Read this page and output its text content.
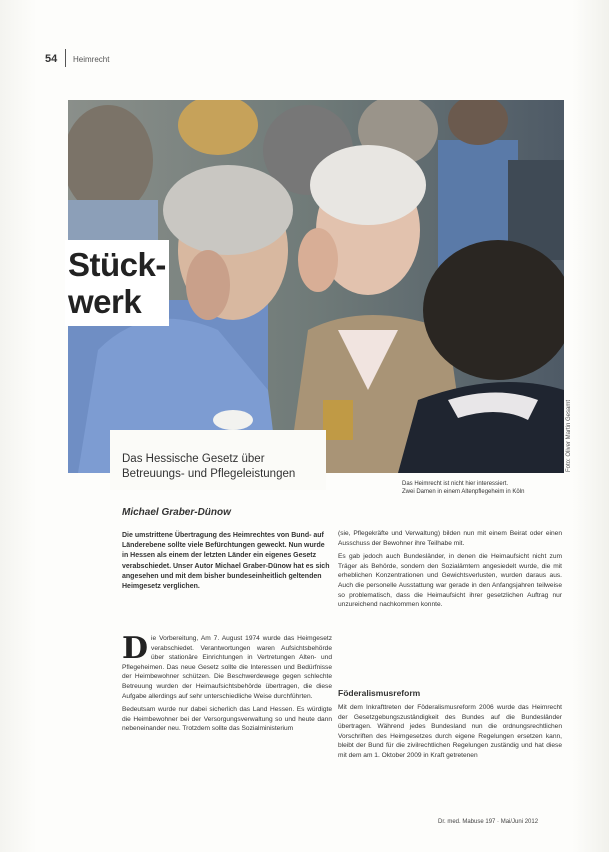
54 Heimrecht
Foto: Oliver Martin Gesamt
Stück-
werk
Das Hessische Gesetz über
Betreuungs- und Pflegeleistungen
Das Heimrecht ist nicht hier interessiert.
Zwei Damen in einem Altenpflegeheim in Köln
Michael Graber-Dünow
Die umstrittene Übertragung des Heimrechtes von Bund- auf Länderebene sollte viele Befürchtungen geweckt. Nun wurde in Hessen als einem der letzten Länder ein eigenes Gesetz verabschiedet. Unser Autor Michael Graber-Dünow hat es sich angesehen und mit dem bisher bundeseinheitlich geltenden Heimgesetz verglichen.

Die Vorbereitung, Am 7. August 1974 wurde das Heimgesetz verabschiedet. Verantwortungen waren Aufsichtsbehörde über stationäre Einrichtungen in Vertretungen Alten- und Pflegeheimen. Das neue Gesetz sollte die Interessen und Bedürfnisse der Heimbewohner schützen. Die Beschwerdewege gegen schlechte Betreuung wurden der Heimaufsichtsbehörde übertragen, die diese Aufgabe allerdings auf sehr unterschiedliche Weise durchführten.

Bedeutsam wurde nur dabei sicherlich das Land Hessen. Es würdigte die Heimbewohner bei der Versorgungsverwaltung so und heute dann nebeneinander neu. Trotzdem sollte das Sozialministerium

(sie, Pflegekräfte und Verwaltung) bilden nun mit einem Beirat oder einen Ausschuss der Bewohner ihre Teilhabe mit.

Es gab jedoch auch Bundesländer, in denen die Heimaufsicht nicht zum Träger als Behörde, sondern den Sozialämtern angesiedelt wurde, die mit erheblichen Konzentrationen und Gewichtsverlusten, wurden daraus aus. Auch die personelle Ausstattung war gerade in den Anfangsjahren teilweise so problematisch, dass die Heimaufsicht ihrer gesetzlichen Auftrag nur unzureichend nachkommen konnte.

Föderalismusreform
Mit dem Inkrafttreten der Föderalismusreform 2006 wurde das Heimrecht der Gesetzgebungszuständigkeit des Bundes auf die Bundesländer übertragen. Während jedes Bundesland nun die ordnungsrechtlichen Vorschriften des Heimgesetzes durch eigene Regelungen ersetzen kann, bleibt der Bund für die zivilrechtlichen Regelungen zuständig und hat diese mit dem am 1. Oktober 2009 in Kraft getretenen
Dr. med. Mabuse 197 · Mai/Juni 2012
